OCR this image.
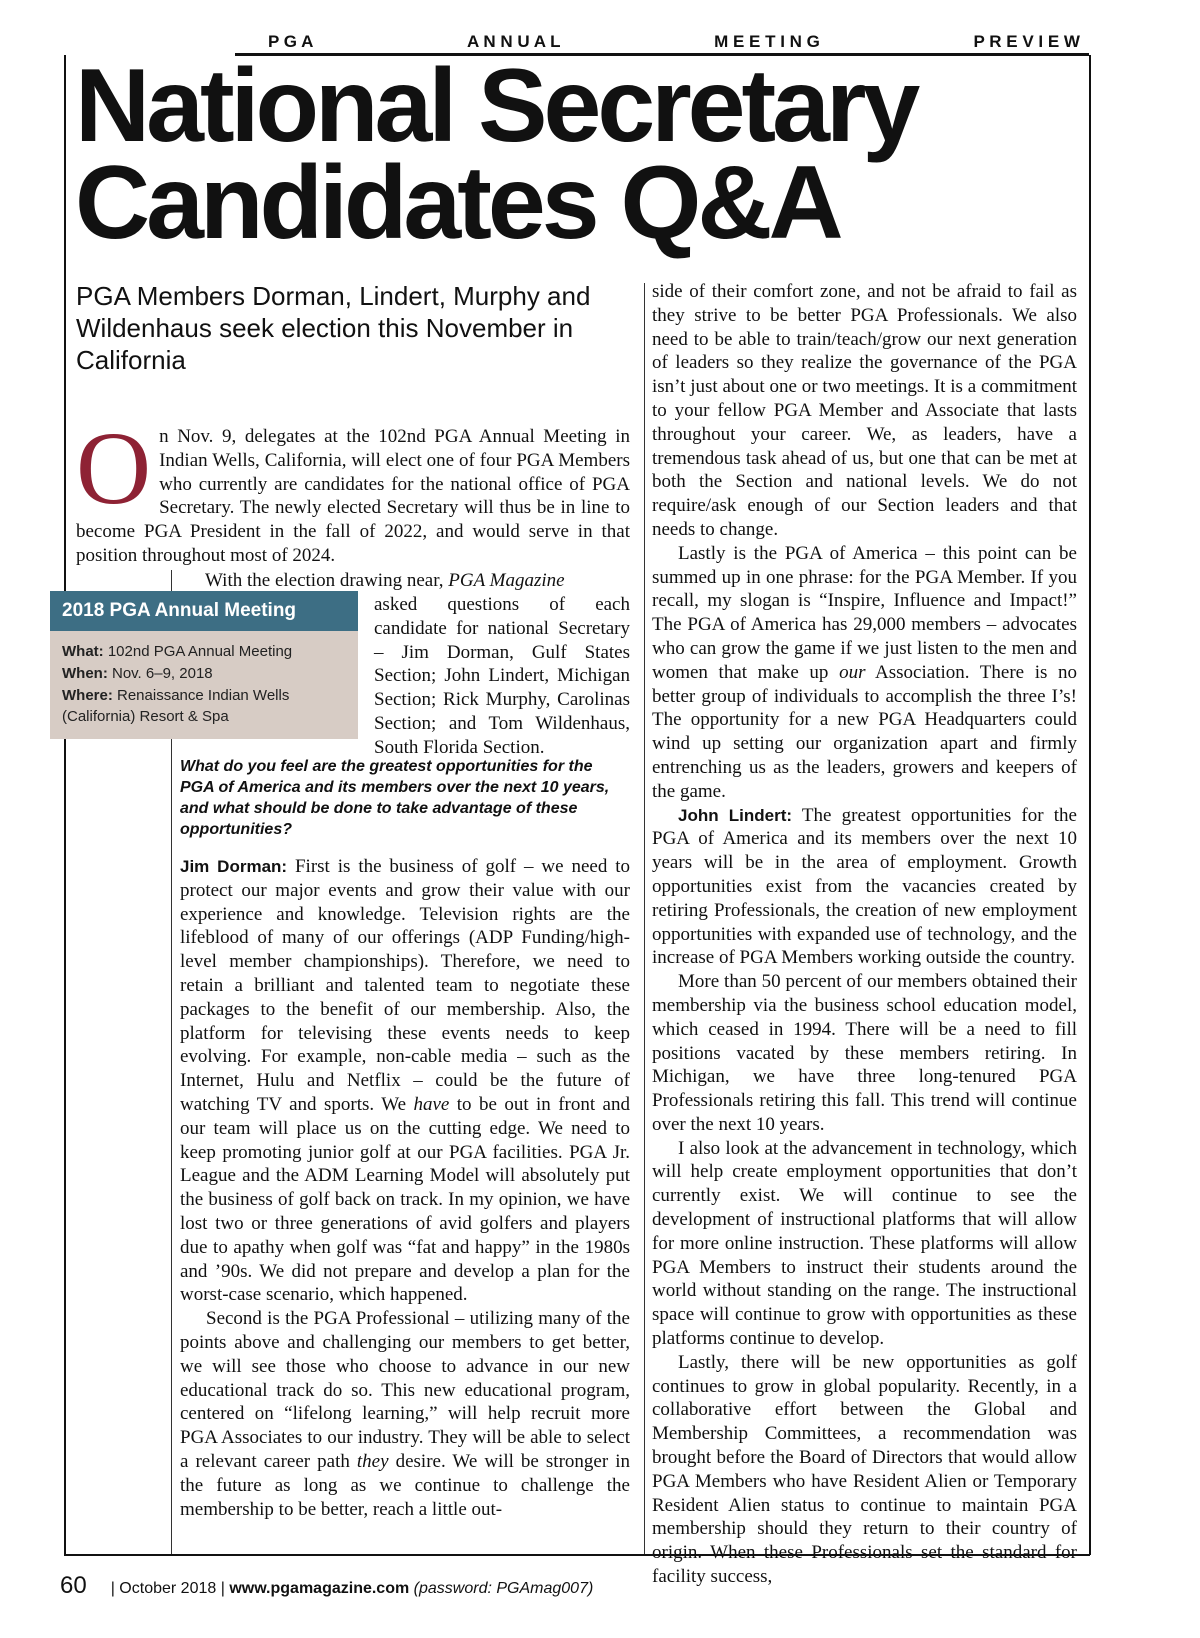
P G A	A N N U A L	M E E T I N G	P R E V I E W
National Secretary
Candidates Q&A
PGA Members Dorman, Lindert, Murphy and Wildenhaus seek election this November in California
O n Nov. 9, delegates at the 102nd PGA Annual Meeting in Indian Wells, California, will elect one of four PGA Members who currently are candidates for the national office of PGA Secretary. The newly elected Secretary will thus be in line to become PGA President in the fall of 2022, and would serve in that position throughout most of 2024.

With the election drawing near, PGA Magazine

asked questions of each candidate for national Secretary – Jim Dorman, Gulf States Section; John Lindert, Michigan Section; Rick Murphy, Carolinas Section; and Tom Wildenhaus, South Florida Section.

2018 PGA Annual Meeting
What: 102nd PGA Annual Meeting
When: Nov. 6–9, 2018
Where: Renaissance Indian Wells (California) Resort & Spa

What do you feel are the greatest opportunities for the PGA of America and its members over the next 10 years, and what should be done to take advantage of these opportunities?

Jim Dorman: First is the business of golf – we need to protect our major events and grow their value with our experience and knowledge. Television rights are the lifeblood of many of our offerings (ADP Funding/high-level member championships). Therefore, we need to retain a brilliant and talented team to negotiate these packages to the benefit of our membership. Also, the platform for televising these events needs to keep evolving. For example, non-cable media – such as the Internet, Hulu and Netflix – could be the future of watching TV and sports. We have to be out in front and our team will place us on the cutting edge. We need to keep promoting junior golf at our PGA facilities. PGA Jr. League and the ADM Learning Model will absolutely put the business of golf back on track. In my opinion, we have lost two or three generations of avid golfers and players due to apathy when golf was “fat and happy” in the 1980s and ’90s. We did not prepare and develop a plan for the worst-case scenario, which happened.

Second is the PGA Professional – utilizing many of the points above and challenging our members to get better, we will see those who choose to advance in our new educational track do so. This new educational program, centered on “lifelong learning,” will help recruit more PGA Associates to our industry. They will be able to select a relevant career path they desire. We will be stronger in the future as long as we continue to challenge the membership to be better, reach a little out-

side of their comfort zone, and not be afraid to fail as they strive to be better PGA Professionals. We also need to be able to train/teach/grow our next generation of leaders so they realize the governance of the PGA isn’t just about one or two meetings. It is a commitment to your fellow PGA Member and Associate that lasts throughout your career. We, as leaders, have a tremendous task ahead of us, but one that can be met at both the Section and national levels. We do not require/ask enough of our Section leaders and that needs to change.

Lastly is the PGA of America – this point can be summed up in one phrase: for the PGA Member. If you recall, my slogan is “Inspire, Influence and Impact!” The PGA of America has 29,000 members – advocates who can grow the game if we just listen to the men and women that make up our Association. There is no better group of individuals to accomplish the three I’s! The opportunity for a new PGA Headquarters could wind up setting our organization apart and firmly entrenching us as the leaders, growers and keepers of the game.

John Lindert: The greatest opportunities for the PGA of America and its members over the next 10 years will be in the area of employment. Growth opportunities exist from the vacancies created by retiring Professionals, the creation of new employment opportunities with expanded use of technology, and the increase of PGA Members working outside the country.

More than 50 percent of our members obtained their membership via the business school education model, which ceased in 1994. There will be a need to fill positions vacated by these members retiring. In Michigan, we have three long-tenured PGA Professionals retiring this fall. This trend will continue over the next 10 years.

I also look at the advancement in technology, which will help create employment opportunities that don’t currently exist. We will continue to see the development of instructional platforms that will allow for more online instruction. These platforms will allow PGA Members to instruct their students around the world without standing on the range. The instructional space will continue to grow with opportunities as these platforms continue to develop.

Lastly, there will be new opportunities as golf continues to grow in global popularity. Recently, in a collaborative effort between the Global and Membership Committees, a recommendation was brought before the Board of Directors that would allow PGA Members who have Resident Alien or Temporary Resident Alien status to continue to maintain PGA membership should they return to their country of origin. When these Professionals set the standard for facility success,

60 | October 2018 |
www.pgamagazine.com
(password: PGAmag007)
